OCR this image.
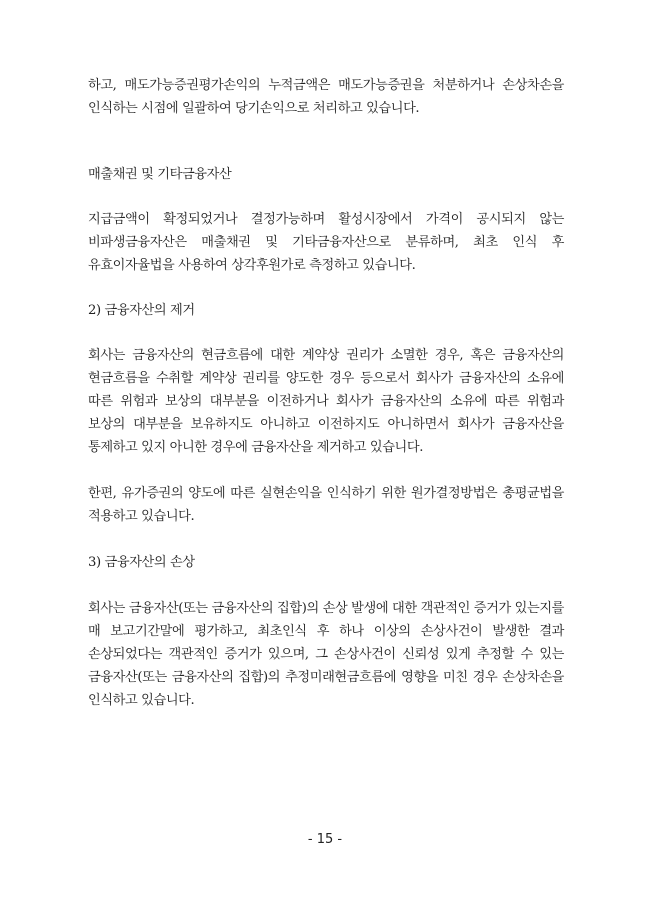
하고, 매도가능증권평가손익의 누적금액은 매도가능증권을 처분하거나 손상차손을 인식하는 시점에 일괄하여 당기손익으로 처리하고 있습니다.

매출채권 및 기타금융자산

지급금액이 확정되었거나 결정가능하며 활성시장에서 가격이 공시되지 않는 비파생금융자산은 매출채권 및 기타금융자산으로 분류하며, 최초 인식 후 유효이자율법을 사용하여 상각후원가로 측정하고 있습니다.

2) 금융자산의 제거

회사는 금융자산의 현금흐름에 대한 계약상 권리가 소멸한 경우, 혹은 금융자산의 현금흐름을 수취할 계약상 권리를 양도한 경우 등으로서 회사가 금융자산의 소유에 따른 위험과 보상의 대부분을 이전하거나 회사가 금융자산의 소유에 따른 위험과 보상의 대부분을 보유하지도 아니하고 이전하지도 아니하면서 회사가 금융자산을 통제하고 있지 아니한 경우에 금융자산을 제거하고 있습니다.

한편, 유가증권의 양도에 따른 실현손익을 인식하기 위한 원가결정방법은 총평균법을 적용하고 있습니다.

3) 금융자산의 손상

회사는 금융자산(또는 금융자산의 집합)의 손상 발생에 대한 객관적인 증거가 있는지를 매 보고기간말에 평가하고, 최초인식 후 하나 이상의 손상사건이 발생한 결과 손상되었다는 객관적인 증거가 있으며, 그 손상사건이 신뢰성 있게 추정할 수 있는 금융자산(또는 금융자산의 집합)의 추정미래현금흐름에 영향을 미친 경우 손상차손을 인식하고 있습니다.

- 15 -
